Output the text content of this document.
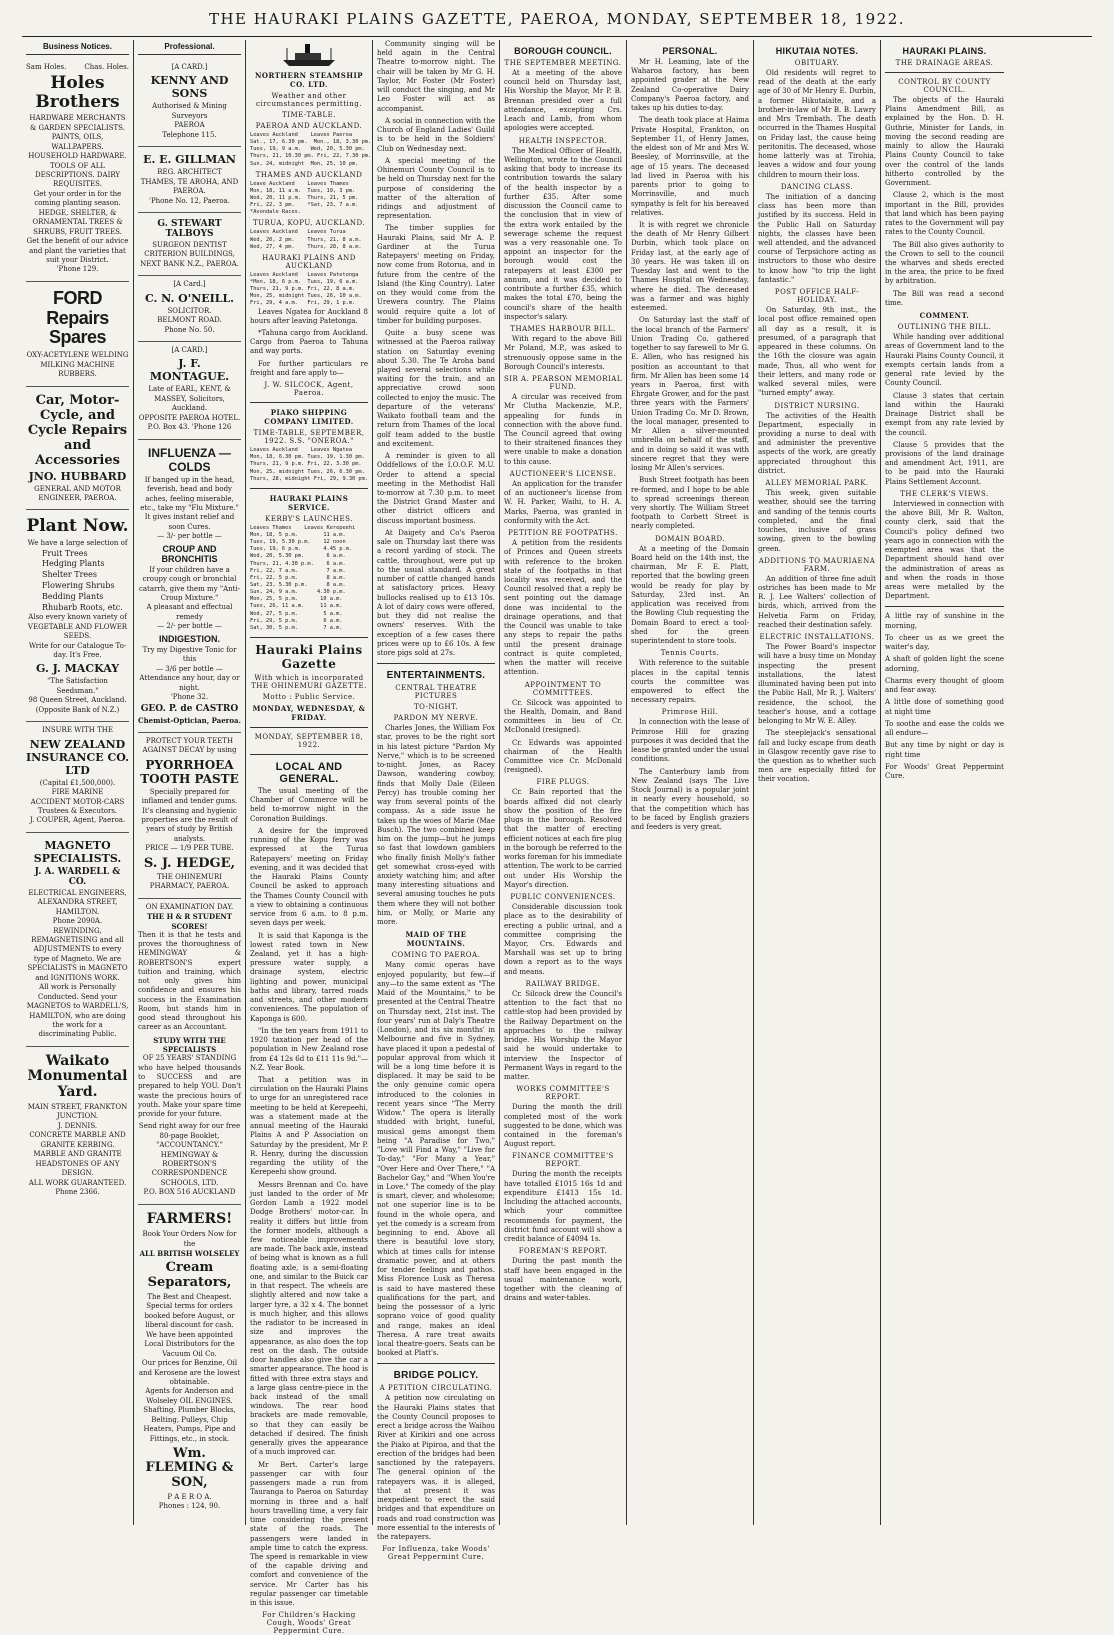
THE HAURAKI PLAINS GAZETTE, PAEROA, MONDAY, SEPTEMBER 18, 1922.
Business Notices.
Sam Holes.	Chas. Holes.
Holes Brothers
HARDWARE MERCHANTS & GARDEN SPECIALISTS.
PAINTS, OILS, WALLPAPERS.
HOUSEHOLD HARDWARE.
TOOLS OF ALL DESCRIPTIONS. DAIRY REQUISITES.
Get your order in for the coming planting season.
HEDGE, SHELTER, & ORNAMENTAL TREES & SHRUBS, FRUIT TREES.
Get the benefit of our advice and plant the varieties that suit your District.
'Phone 129.
FORD Repairs Spares
OXY-ACETYLENE WELDING
MILKING MACHINE RUBBERS.
Car, Motor-Cycle, and Cycle Repairs and Accessories
JNO. HUBBARD
GENERAL AND MOTOR ENGINEER, PAEROA.
Plant Now.
We have a large selection of
Fruit Trees
Hedging Plants
Shelter Trees
Flowering Shrubs
Bedding Plants
Rhubarb Roots, etc.
Also every known variety of VEGETABLE AND FLOWER SEEDS.
Write for our Catalogue To-day. It's Free.
G. J. MACKAY
"The Satisfaction Seedsman."
98 Queen Street, Auckland.
(Opposite Bank of N.Z.)
INSURE WITH THE
NEW ZEALAND INSURANCE CO. LTD
(Capital £1,500,000).
FIRE MARINE
ACCIDENT MOTOR-CARS
Trustees & Executors.
J. COUPER, Agent, Paeroa.
MAGNETO SPECIALISTS.
J. A. WARDELL & CO.
ELECTRICAL ENGINEERS, ALEXANDRA STREET, HAMILTON.
Phone 2090A.
REWINDING, REMAGNETISING and all ADJUSTMENTS to every type of Magneto. We are SPECIALISTS in MAGNETO and IGNITIONS WORK.
All work is Personally Conducted. Send your MAGNETOS to WARDELL'S, HAMILTON, who are doing the work for a discriminating Public.
Waikato Monumental Yard.
MAIN STREET, FRANKTON JUNCTION.
J. DENNIS.
CONCRETE MARBLE AND GRANITE KERBING.
MARBLE AND GRANITE HEADSTONES OF ANY DESIGN.
ALL WORK GUARANTEED.
Phone 2366.
Professional.
[A CARD.]
KENNY AND SONS
Authorised & Mining Surveyors
PAEROA
Telephone 115.
E. E. GILLMAN
REG. ARCHITECT
THAMES, TE AROHA, AND PAEROA.
'Phone No. 12, Paeroa.
G. STEWART TALBOYS
SURGEON DENTIST
CRITERION BUILDINGS, NEXT BANK N.Z., PAEROA.
[A Card.]
C. N. O'NEILL.
SOLICITOR.
BELMONT ROAD.
Phone No. 50.
[A CARD.]
J. F. MONTAGUE.
Late of EARL, KENT, & MASSEY, Solicitors, Auckland.
OPPOSITE PAEROA HOTEL.
P.O. Box 43. 'Phone 126
INFLUENZA — COLDS
If banged up in the head, feverish, head and body aches, feeling miserable, etc., take my "Flu Mixture."
It gives instant relief and soon Cures.
— 3/- per bottle —
CROUP AND BRONCHITIS
If your children have a croupy cough or bronchial catarrh, give them my "Anti-Croup Mixture."
A pleasant and effectual remedy
— 2/- per bottle —
INDIGESTION.
Try my Digestive Tonic for this
— 3/6 per bottle —
Attendance any hour, day or night.
'Phone 32.
GEO. P. de CASTRO
Chemist-Optician, Paeroa.
PROTECT YOUR TEETH AGAINST DECAY by using
PYORRHOEA TOOTH PASTE
Specially prepared for inflamed and tender gums.
It's cleansing and hygienic properties are the result of years of study by British analysts.
PRICE — 1/9 PER TUBE.
S. J. HEDGE,
THE OHINEMURI PHARMACY, PAEROA.
ON EXAMINATION DAY.
THE H & R STUDENT SCORES!
Then it is that he tests and proves the thoroughness of HEMINGWAY & ROBERTSON'S expert tuition and training, which not only gives him confidence and ensures his success in the Examination Room, but stands him in good stead throughout his career as an Accountant.
STUDY WITH THE SPECIALISTS
OF 25 YEARS' STANDING
who have helped thousands to SUCCESS and are prepared to help YOU. Don't waste the precious hours of youth. Make your spare time provide for your future.
Send right away for our free 80-page Booklet, "ACCOUNTANCY."
HEMINGWAY & ROBERTSON'S CORRESPONDENCE SCHOOLS, LTD.
P.O. BOX 516 AUCKLAND
FARMERS!
Book Your Orders Now for the
ALL BRITISH WOLSELEY
Cream Separators,
The Best and Cheapest.
Special terms for orders booked before August, or liberal discount for cash.
We have been appointed Local Distributors for the Vacuum Oil Co.
Our prices for Benzine, Oil and Kerosene are the lowest obtainable.
Agents for Anderson and Wolseley OIL ENGINES.
Shafting, Plumber Blocks, Belting, Pulleys, Chip Heaters, Pumps, Pipe and Fittings, etc., in stock.
Wm. FLEMING & SON,
P A E R O A.
Phones : 124, 90.
NORTHERN STEAMSHIP CO. LTD.
Weather and other circumstances permitting.
TIME-TABLE.
PAEROA AND AUCKLAND.
Leaves Auckland    Leaves Paeroa
Sat., 17, 6.30 pm.  Mon., 18, 3.30 pm.
Tues, 19, 9 a.m.   Wed, 20, 5.30 pm.
Thurs, 21, 10.30 pm. Fri, 22, 7.30 pm.
Sun, 24, midnight  Mon, 25, 10 pm.
THAMES AND AUCKLAND
Leave Auckland    Leaves Thames
Mon, 18, 11 a.m.  Tues, 19, 3 pm.
Wed, 20, 11 p.m.  Thurs, 21, 5 pm.
Fri, 22, 3 pm.    *Sat, 23, 7 a.m.
*Avondale Races.
TURUA, KOPU, AUCKLAND.
Leaves Auckland   Leaves Turua
Wed, 20, 2 pm.    Thurs, 21, 8 a.m.
Wed, 27, 4 pm.    Thurs, 28, 8 a.m.
HAURAKI PLAINS AND AUCKLAND
Leaves Auckland   Leaves Patetonga
*Mon, 18, 6 p.m.  Tues, 19, 6 a.m.
Thurs, 21, 9 p.m. Fri, 22, 8 a.m.
Mon, 25, midnight Tues, 26, 10 a.m.
Fri, 29, 4 a.m.   Fri, 29, 1 p.m.
Leaves Ngatea for Auckland 8 hours after leaving Patetonga.
*Tahuna cargo from Auckland. Cargo from Paeroa to Tahuna and way ports.
For further particulars re freight and fare apply to—
J. W. SILCOCK, Agent, Paeroa.
PIAKO SHIPPING COMPANY LIMITED.
TIME-TABLE, SEPTEMBER, 1922. S.S. "ONEROA."
Leaves Auckland    Leaves Ngatea
Mon, 18, 6.30 pm. Tues, 19, 1.30 pm.
Thurs, 21, 9 p.m. Fri, 22, 3.30 pm.
Mon, 25, midnight Tues, 26, 6.30 pm.
Thurs, 28, midnight Fri, 29, 9.30 pm.
HAURAKI PLAINS SERVICE.
KERBY'S LAUNCHES.
Leaves Thames    Leaves Kerepeehi
Mon, 18, 5 p.m.        11 a.m.
Tues, 19, 5.30 p.m.    12 noon
Tues, 19, 6 p.m.       4.45 p.m.
Wed, 20, 5.30 pm.       6 a.m.
Thurs, 21, 4.30 p.m.    6 a.m.
Fri, 22, 7 a.m.         7 a.m.
Fri, 22, 5 p.m.         8 a.m.
Sat, 23, 5.30 p.m.      8 a.m.
Sun, 24, 9 a.m.      4.30 p.m.
Mon, 25, 5 p.m.       10 a.m.
Tues, 26, 11 a.m.     11 a.m.
Wed, 27, 5 p.m.        5 a.m.
Fri, 29, 5 p.m.        6 a.m.
Sat, 30, 5 p.m.        7 a.m.
Hauraki Plains Gazette
With which is incorporated THE OHINEMURI GAZETTE.
Motto : Public Service.
MONDAY, WEDNESDAY, & FRIDAY.
MONDAY, SEPTEMBER 18, 1922.
LOCAL AND GENERAL.
The usual meeting of the Chamber of Commerce will be held to-morrow night in the Coronation Buildings.
A desire for the improved running of the Kopu ferry was expressed at the Turua Ratepayers' meeting on Friday evening, and it was decided that the Hauraki Plains County Council be asked to approach the Thames County Council with a view to obtaining a continuous service from 6 a.m. to 8 p.m. seven days per week.
It is said that Kaponga is the lowest rated town in New Zealand, yet it has a high-pressure water supply, a drainage system, electric lighting and power, municipal baths and library, tarred roads and streets, and other modern conveniences. The population of Kaponga is 600.
"In the ten years from 1911 to 1920 taxation per head of the population in New Zealand rose from £4 12s 6d to £11 11s 9d."—N.Z. Year Book.
That a petition was in circulation on the Hauraki Plains to urge for an unregistered race meeting to be held at Kerepeehi, was a statement made at the annual meeting of the Hauraki Plains A and P Association on Saturday by the president, Mr P. R. Henry, during the discussion regarding the utility of the Kerepeehi show ground.
Messrs Brennan and Co. have just landed to the order of Mr Gordon Lamb a 1922 model Dodge Brothers' motor-car. In reality it differs but little from the former models, although a few noticeable improvements are made. The back axle, instead of being what is known as a full floating axle, is a semi-floating one, and similar to the Buick car in that respect. The wheels are slightly altered and now take a larger tyre, a 32 x 4. The bonnet is much higher, and this allows the radiator to be increased in size and improves the appearance, as also does the top rest on the dash. The outside door handles also give the car a smarter appearance. The hood is fitted with three extra stays and a large glass centre-piece in the back instead of the small windows. The rear hood brackets are made removable, so that they can easily be detached if desired. The finish generally gives the appearance of a much improved car.
Mr Bert. Carter's large passenger car with four passengers made a run from Tauranga to Paeroa on Saturday morning in three and a half hours travelling time, a very fair time considering the present state of the roads. The passengers were landed in ample time to catch the express. The speed is remarkable in view of the capable driving and comfort and convenience of the service. Mr Carter has his regular passenger car timetable in this issue.
For Children's Hacking Cough, Woods' Great Peppermint Cure.
Community singing will be held again in the Central Theatre to-morrow night. The chair will be taken by Mr G. H. Taylor, Mr Foster (Mr Foster) will conduct the singing, and Mr Leo Foster will act as accompanist.
A social in connection with the Church of England Ladies' Guild is to be held in the Soldiers' Club on Wednesday next.
A special meeting of the Ohinemuri County Council is to be held on Thursday next for the purpose of considering the matter of the alteration of ridings and adjustment of representation.
The timber supplies for Hauraki Plains, said Mr A. P. Gardiner at the Turua Ratepayers' meeting on Friday, now come from Rotorua, and in future from the centre of the Island (the King Country). Later on they would come from the Urewera country. The Plains would require quite a lot of timber for building purposes.
Quite a busy scene was witnessed at the Paeroa railway station on Saturday evening about 5.30. The Te Aroha band played several selections while waiting for the train, and an appreciative crowd soon collected to enjoy the music. The departure of the veterans' Waikato football team and the return from Thames of the local golf team added to the bustle and excitement.
A reminder is given to all Oddfellows of the I.O.O.F. M.U. Order to attend a special meeting in the Methodist Hall to-morrow at 7.30 p.m. to meet the District Grand Master and other district officers and discuss important business.
At Daigety and Co's Paeroa sale on Thursday last there was a record yarding of stock. The cattle, throughout, were put up to the usual standard. A great number of cattle changed hands at satisfactory prices. Heavy bullocks realised up to £13 10s. A lot of dairy cows were offered, but they did not realise the owners' reserves. With the exception of a few cases there prices were up to £6 10s. A few store pigs sold at 27s.
ENTERTAINMENTS.
CENTRAL THEATRE PICTURES
TO-NIGHT.
PARDON MY NERVE.
Charles Jones, the William Fox star, proves to be the right sort in his latest picture "Pardon My Nerve," which is to be screened to-night. Jones, as Racey Dawson, wandering cowboy, finds that Molly Dale (Eileen Percy) has trouble coming her way from several points of the compass. As a side issue he takes up the woes of Marie (Mae Busch). The two combined keep him on the jump—but he jumps so fast that lowdown gamblers who finally finish Molly's father get somewhat cross-eyed with anxiety watching him; and after many interesting situations and several amusing touches he puts them where they will not bother him, or Molly, or Marie any more.
MAID OF THE MOUNTAINS.
COMING TO PAEROA.
Many comic operas have enjoyed popularity, but few—if any—to the same extent as "The Maid of the Mountains," to be presented at the Central Theatre on Thursday next, 21st inst. The four years' run at Daly's Theatre (London), and its six months' in Melbourne and five in Sydney, have placed it upon a pedestal of popular approval from which it will be a long time before it is displaced. It may be said to be the only genuine comic opera introduced to the colonies in recent years since "The Merry Widow." The opera is literally studded with bright, tuneful, musical gems amongst them being "A Paradise for Two," "Love will Find a Way," "Live for To-day," "For Many a Year," "Over Here and Over There," "A Bachelor Gay," and "When You're in Love." The comedy of the play is smart, clever, and wholesome; not one superior line is to be found in the whole opera, and yet the comedy is a scream from beginning to end. Above all there is beautiful love story, which at times calls for intense dramatic power, and at others for tender feelings and pathos. Miss Florence Lusk as Theresa is said to have mastered these qualifications for the part, and being the possessor of a lyric soprano voice of good quality and range, makes an ideal Theresa. A rare treat awaits local theatre-goers. Seats can be booked at Platt's.
BRIDGE POLICY.
A PETITION CIRCULATING.
A petition now circulating on the Hauraki Plains states that the County Council proposes to erect a bridge across the Waihou River at Kirikiri and one across the Piako at Pipiroa, and that the erection of the bridges had been sanctioned by the ratepayers. The general opinion of the ratepayers was, it is alleged, that at present it was inexpedient to erect the said bridges and that expenditure on roads and road construction was more essential to the interests of the ratepayers.
For Influenza, take Woods' Great Peppermint Cure.
BOROUGH COUNCIL.
THE SEPTEMBER MEETING.
At a meeting of the above council held on Thursday last, His Worship the Mayor, Mr P. B. Brennan presided over a full attendance, excepting Crs. Leach and Lamb, from whom apologies were accepted.
HEALTH INSPECTOR.
The Medical Officer of Health, Wellington, wrote to the Council asking that body to increase its contribution towards the salary of the health inspector by a further £35. After some discussion the Council came to the conclusion that in view of the extra work entailed by the sewerage scheme the request was a very reasonable one. To appoint an inspector for the borough would cost the ratepayers at least £300 per annum, and it was decided to contribute a further £35, which makes the total £70, being the council's share of the health inspector's salary.
THAMES HARBOUR BILL.
With regard to the above Bill Mr Poland, M.P., was asked to strenuously oppose same in the Borough Council's interests.
SIR A. PEARSON MEMORIAL FUND.
A circular was received from Mr Clutha Mackenzie, M.P., appealing for funds in connection with the above fund. The Council agreed that owing to their straitened finances they were unable to make a donation to this cause.
AUCTIONEER'S LICENSE.
An application for the transfer of an auctioneer's license from W. H. Parker, Waihi, to H. A. Marks, Paeroa, was granted in conformity with the Act.
PETITION RE FOOTPATHS.
A petition from the residents of Princes and Queen streets with reference to the broken state of the footpaths in that locality was received, and the Council resolved that a reply be sent pointing out the damage done was incidental to the drainage operations, and that the Council was unable to take any steps to repair the paths until the present drainage contract is quite completed, when the matter will receive attention.
APPOINTMENT TO COMMITTEES.
Cr. Silcock was appointed to the Health, Domain, and Band committees in lieu of Cr. McDonald (resigned).
Cr. Edwards was appointed chairman of the Health Committee vice Cr. McDonald (resigned).
FIRE PLUGS.
Cr. Bain reported that the boards affixed did not clearly show the position of the fire plugs in the borough. Resolved that the matter of erecting efficient notices at each fire plug in the borough be referred to the works foreman for his immediate attention. The work to be carried out under His Worship the Mayor's direction.
PUBLIC CONVENIENCES.
Considerable discussion took place as to the desirability of erecting a public urinal, and a committee comprising the Mayor, Crs. Edwards and Marshall was set up to bring down a report as to the ways and means.
RAILWAY BRIDGE.
Cr. Silcock drew the Council's attention to the fact that no cattle-stop had been provided by the Railway Department on the approaches to the railway bridge. His Worship the Mayor said he would undertake to interview the Inspector of Permanent Ways in regard to the matter.
WORKS COMMITTEE'S REPORT.
During the month the drill completed most of the work suggested to be done, which was contained in the foreman's August report.
FINANCE COMMITTEE'S REPORT.
During the month the receipts have totalled £1015 16s 1d and expenditure £1413 15s 1d. Including the attached accounts, which your committee recommends for payment, the district fund account will show a credit balance of £4094 1s.
FOREMAN'S REPORT.
During the past month the staff have been engaged in the usual maintenance work, together with the cleaning of drains and water-tables.
PERSONAL.
Mr H. Leaming, late of the Waharoa factory, has been appointed grader at the New Zealand Co-operative Dairy Company's Paeroa factory, and takes up his duties to-day.
The death took place at Haima Private Hospital, Frankton, on September 11, of Henry James, the eldest son of Mr and Mrs W. Beesley, of Morrinsville, at the age of 15 years. The deceased lad lived in Paeroa with his parents prior to going to Morrinsville, and much sympathy is felt for his bereaved relatives.
It is with regret we chronicle the death of Mr Henry Gilbert Durbin, which took place on Friday last, at the early age of 30 years. He was taken ill on Tuesday last and went to the Thames Hospital on Wednesday, where he died. The deceased was a farmer and was highly esteemed.
On Saturday last the staff of the local branch of the Farmers' Union Trading Co. gathered together to say farewell to Mr G. E. Allen, who has resigned his position as accountant to that firm. Mr Allen has been some 14 years in Paeroa, first with Ehrgate Grower, and for the past three years with the Farmers' Union Trading Co. Mr D. Brown, the local manager, presented to Mr Allen a silver-mounted umbrella on behalf of the staff, and in doing so said it was with sincere regret that they were losing Mr Allen's services.
Bush Street footpath has been re-formed, and I hope to be able to spread screenings thereon very shortly. The William Street footpath to Corbett Street is nearly completed.
DOMAIN BOARD.
At a meeting of the Domain Board held on the 14th inst, the chairman, Mr F. E. Platt, reported that the bowling green would be ready for play by Saturday, 23rd inst. An application was received from the Bowling Club requesting the Domain Board to erect a tool-shed for the green superintendent to store tools.
Tennis Courts.
With reference to the suitable places in the capital tennis courts the committee was empowered to effect the necessary repairs.
Primrose Hill.
In connection with the lease of Primrose Hill for grazing purposes it was decided that the lease be granted under the usual conditions.
The Canterbury lamb from New Zealand (says The Live Stock Journal) is a popular joint in nearly every household, so that the competition which has to be faced by English graziers and feeders is very great.
HIKUTAIA NOTES.
OBITUARY.
Old residents will regret to read of the death at the early age of 30 of Mr Henry E. Durbin, a former Hikutaiaite, and a brother-in-law of Mr B. B. Lawry and Mrs Trembath. The death occurred in the Thames Hospital on Friday last, the cause being peritonitis. The deceased, whose home latterly was at Tirohia, leaves a widow and four young children to mourn their loss.
DANCING CLASS.
The initiation of a dancing class has been more than justified by its success. Held in the Public Hall on Saturday nights, the classes have been well attended, and the advanced course of Terpsichore acting as instructors to those who desire to know how "to trip the light fantastic."
POST OFFICE HALF-HOLIDAY.
On Saturday, 9th inst., the local post office remained open all day as a result, it is presumed, of a paragraph that appeared in these columns. On the 16th the closure was again made, Thus, all who went for their letters, and many rode or walked several miles, were "turned empty" away.
DISTRICT NURSING.
The activities of the Health Department, especially in providing a nurse to deal with and administer the preventive aspects of the work, are greatly appreciated throughout this district.
ALLEY MEMORIAL PARK.
This week, given suitable weather, should see the tarring and sanding of the tennis courts completed, and the final touches, inclusive of grass sowing, given to the bowling green.
ADDITIONS TO MAURIAENA FARM.
An addition of three fine adult ostriches has been made to Mr R. J. Lee Walters' collection of birds, which, arrived from the Helvetia Farm on Friday, reached their destination safely.
ELECTRIC INSTALLATIONS.
The Power Board's inspector will have a busy time on Monday inspecting the present installations, the latest illuminated having been put into the Public Hall, Mr R. J. Walters' residence, the school, the teacher's house, and a cottage belonging to Mr W. E. Alley.
The steeplejack's sensational fall and lucky escape from death in Glasgow recently gave rise to the question as to whether such men are especially fitted for their vocation.
HAURAKI PLAINS.
THE DRAINAGE AREAS.
CONTROL BY COUNTY COUNCIL.
The objects of the Hauraki Plains Amendment Bill, as explained by the Hon. D. H. Guthrie, Minister for Lands, in moving the second reading are mainly to allow the Hauraki Plains County Council to take over the control of the lands hitherto controlled by the Government.
Clause 2, which is the most important in the Bill, provides that land which has been paying rates to the Government will pay rates to the County Council.
The Bill also gives authority to the Crown to sell to the council the wharves and sheds erected in the area, the price to be fixed by arbitration.
The Bill was read a second time.
COMMENT.
OUTLINING THE BILL.
While handing over additional areas of Government land to the Hauraki Plains County Council, it exempts certain lands from a general rate levied by the County Council.
Clause 3 states that certain land within the Hauraki Drainage District shall be exempt from any rate levied by the council.
Clause 5 provides that the provisions of the land drainage and amendment Act, 1911, are to be paid into the Hauraki Plains Settlement Account.
THE CLERK'S VIEWS.
Interviewed in connection with the above Bill, Mr R. Walton, county clerk, said that the Council's policy defined two years ago in connection with the exempted area was that the Department should hand over the administration of areas as and when the roads in those areas were metalled by the Department.
A little ray of sunshine in the morning,
To cheer us as we greet the waiter's day,
A shaft of golden light the scene adorning,
Charms every thought of gloom and fear away.
A little dose of something good at night time
To soothe and ease the colds we all endure—
But any time by night or day is right time
For Woods' Great Peppermint Cure.
